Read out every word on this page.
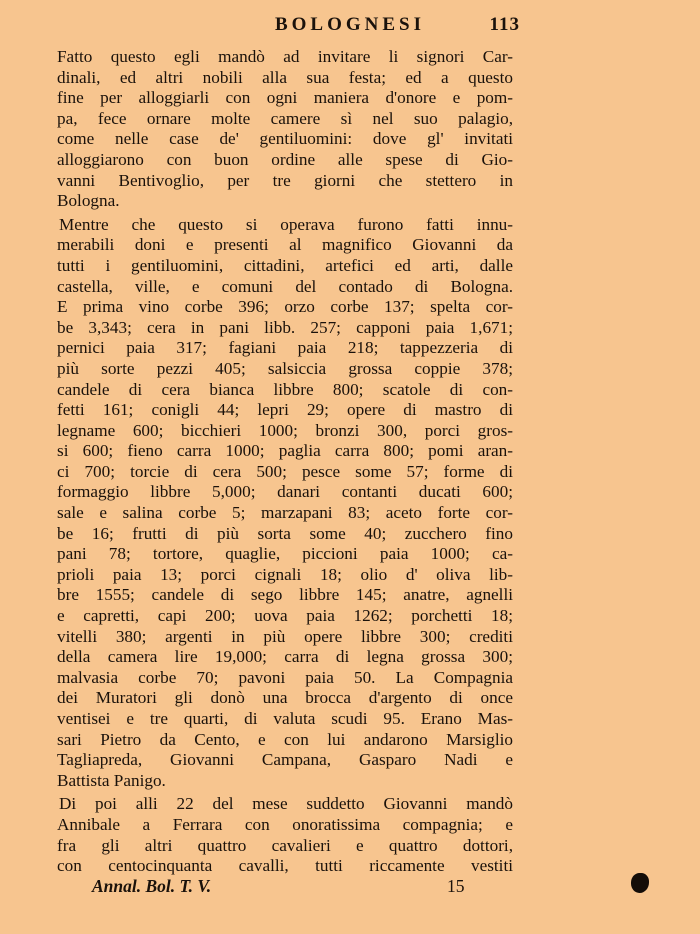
BOLOGNESI	113
Fatto questo egli mandò ad invitare li signori Car-
dinali, ed altri nobili alla sua festa; ed a questo
fine per alloggiarli con ogni maniera d'onore e pom-
pa, fece ornare molte camere sì nel suo palagio,
come nelle case de' gentiluomini: dove gl' invitati
alloggiarono con buon ordine alle spese di Gio-
vanni Bentivoglio, per tre giorni che stettero in
Bologna.
Mentre che questo si operava furono fatti innu-
merabili doni e presenti al magnifico Giovanni da
tutti i gentiluomini, cittadini, artefici ed arti, dalle
castella, ville, e comuni del contado di Bologna.
E prima vino corbe 396; orzo corbe 137; spelta cor-
be 3,343; cera in pani libb. 257; capponi paia 1,671;
pernici paia 317; fagiani paia 218; tappezzeria di
più sorte pezzi 405; salsiccia grossa coppie 378;
candele di cera bianca libbre 800; scatole di con-
fetti 161; conigli 44; lepri 29; opere di mastro di
legname 600; bicchieri 1000; bronzi 300, porci gros-
si 600; fieno carra 1000; paglia carra 800; pomi aran-
ci 700; torcie di cera 500; pesce some 57; forme di
formaggio libbre 5,000; danari contanti ducati 600;
sale e salina corbe 5; marzapani 83; aceto forte cor-
be 16; frutti di più sorta some 40; zucchero fino
pani 78; tortore, quaglie, piccioni paia 1000; ca-
prioli paia 13; porci cignali 18; olio d' oliva lib-
bre 1555; candele di sego libbre 145; anatre, agnelli
e capretti, capi 200; uova paia 1262; porchetti 18;
vitelli 380; argenti in più opere libbre 300; crediti
della camera lire 19,000; carra di legna grossa 300;
malvasia corbe 70; pavoni paia 50. La Compagnia
dei Muratori gli donò una brocca d'argento di once
ventisei e tre quarti, di valuta scudi 95. Erano Mas-
sari Pietro da Cento, e con lui andarono Marsiglio
Tagliapreda, Giovanni Campana, Gasparo Nadi e
Battista Panigo.
Di poi alli 22 del mese suddetto Giovanni mandò
Annibale a Ferrara con onoratissima compagnia; e
fra gli altri quattro cavalieri e quattro dottori,
con centocinquanta cavalli, tutti riccamente vestiti
Annal. Bol. T. V.	15
